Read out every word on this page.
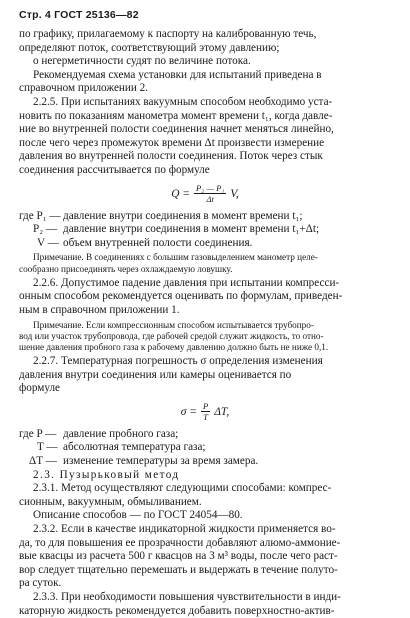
Стр. 4 ГОСТ 25136—82
по графику, прилагаемому к паспорту на калиброванную течь,
определяют поток, соответствующий этому давлению;
о негерметичности судят по величине потока.
Рекомендуемая схема установки для испытаний приведена в
справочном приложении 2.
2.2.5. При испытаниях вакуумным способом необходимо уста-
новить по показаниям манометра момент времени t₁, когда давле-
ние во внутренней полости соединения начнет меняться линейно,
после чего через промежуток времени Δt произвести измерение
давления во внутренней полости соединения. Поток через стык
соединения рассчитывается по формуле
$Q = \frac{\text{P₂ — P₁}}{\Delta t} V$,
где P₁ — давление внутри соединения в момент времени t₁;
P₂ — давление внутри соединения в момент времени t₁+Δt;
V — объем внутренней полости соединения.
Примечание. В соединениях с большим газовыделением манометр целе-
сообразно присоединять через охлаждаемую ловушку.
2.2.6. Допустимое падение давления при испытании компресси-
онным способом рекомендуется оценивать по формулам, приведен-
ным в справочном приложении 1.
Примечание. Если компрессионным способом испытывается трубопро-
вод или участок трубопровода, где рабочей средой служит жидкость, то отно-
шение давления пробного газа к рабочему давлению должно быть не ниже 0,1.
2.2.7. Температурная погрешность σ определения изменения
давления внутри соединения или камеры оценивается по
формуле
$\sigma = \frac{P}{T} \Delta T$,
где P — давление пробного газа;
T — абсолютная температура газа;
ΔT — изменение температуры за время замера.
2.3. Пузырьковый метод
2.3.1. Метод осуществляют следующими способами: компрес-
сионным, вакуумным, обмыливанием.
Описание способов — по ГОСТ 24054—80.
2.3.2. Если в качестве индикаторной жидкости применяется во-
да, то для повышения ее прозрачности добавляют алюмо-аммоние-
вые квасцы из расчета 500 г квасцов на 3 м³ воды, после чего раст-
вор следует тщательно перемешать и выдержать в течение полуто-
ра суток.
2.3.3. При необходимости повышения чувствительности в инди-
каторную жидкость рекомендуется добавить поверхностно-актив-
